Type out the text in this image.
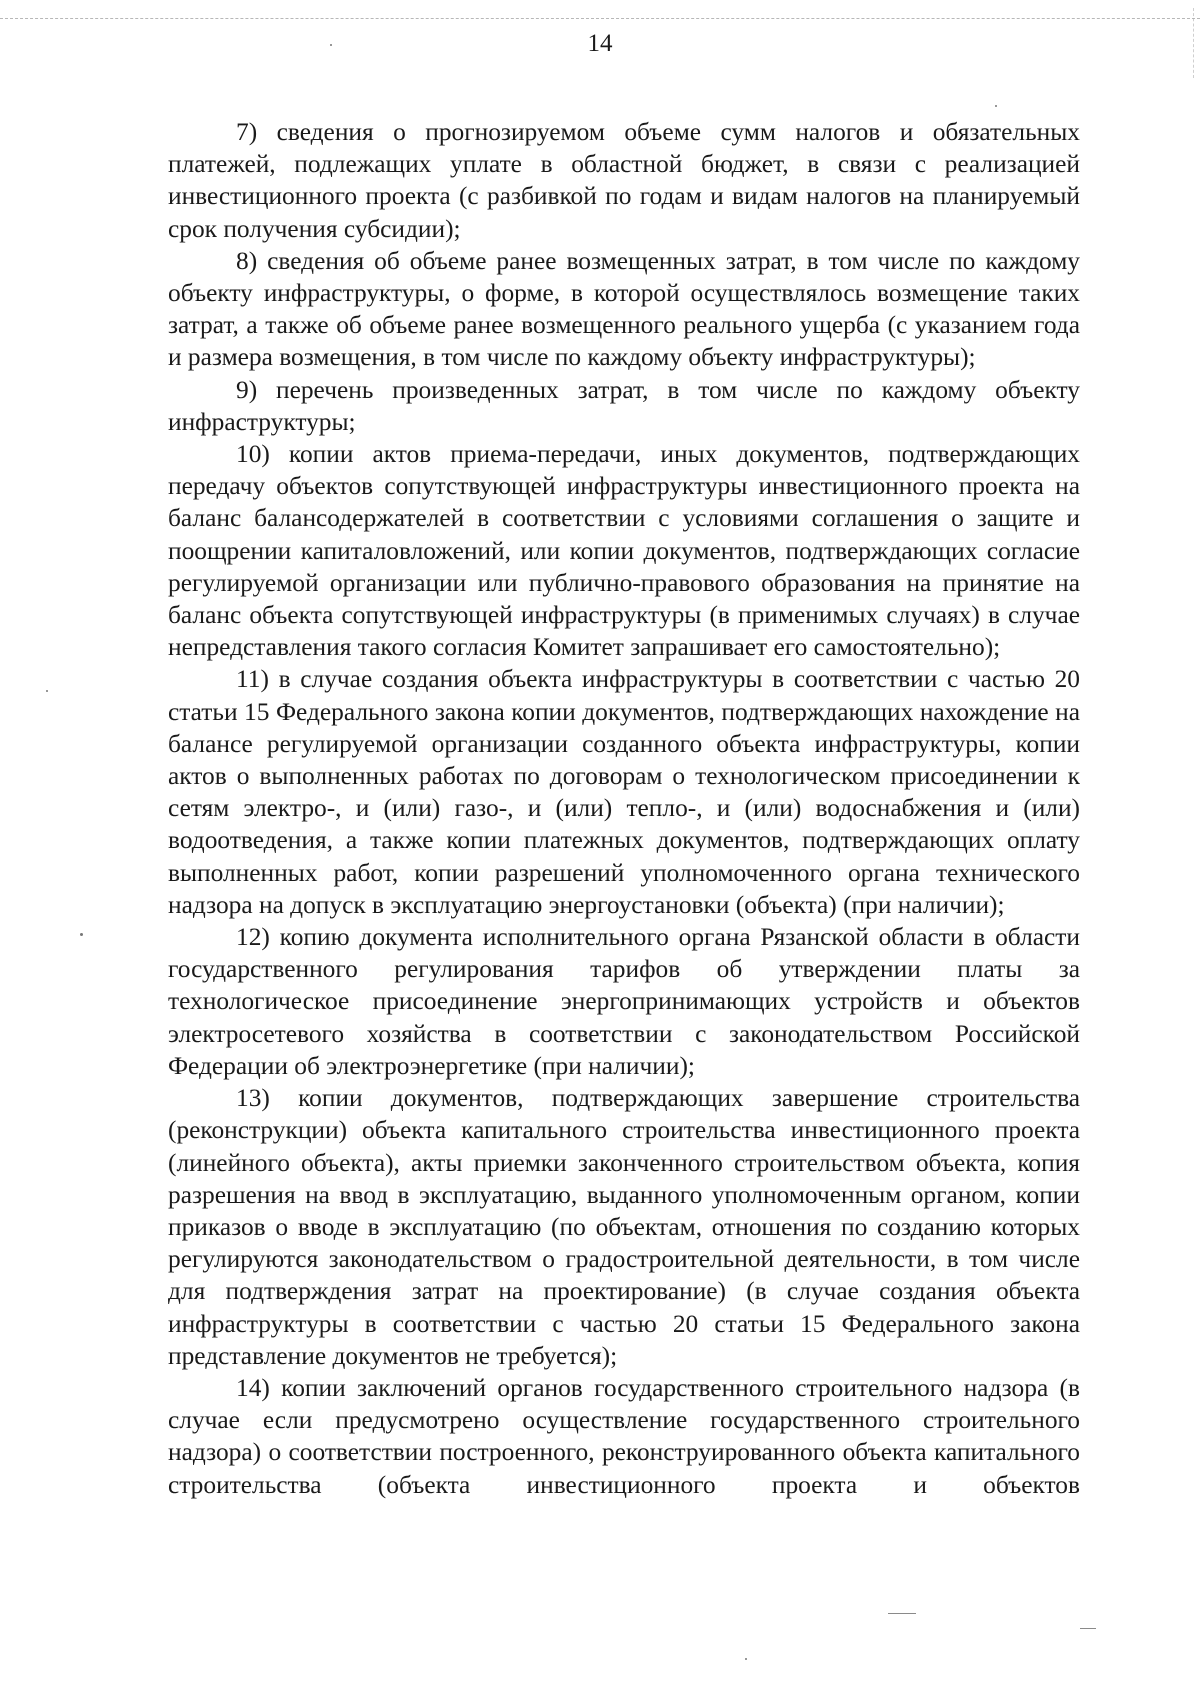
14

7) сведения о прогнозируемом объеме сумм налогов и обязательных платежей, подлежащих уплате в областной бюджет, в связи с реализацией инвестиционного проекта (с разбивкой по годам и видам налогов на планируемый срок получения субсидии);

8) сведения об объеме ранее возмещенных затрат, в том числе по каждому объекту инфраструктуры, о форме, в которой осуществлялось возмещение таких затрат, а также об объеме ранее возмещенного реального ущерба (с указанием года и размера возмещения, в том числе по каждому объекту инфраструктуры);

9) перечень произведенных затрат, в том числе по каждому объекту инфраструктуры;

10) копии актов приема-передачи, иных документов, подтверждающих передачу объектов сопутствующей инфраструктуры инвестиционного проекта на баланс балансодержателей в соответствии с условиями соглашения о защите и поощрении капиталовложений, или копии документов, подтверждающих согласие регулируемой организации или публично-правового образования на принятие на баланс объекта сопутствующей инфраструктуры (в применимых случаях) в случае непредставления такого согласия Комитет запрашивает его самостоятельно);

11) в случае создания объекта инфраструктуры в соответствии с частью 20 статьи 15 Федерального закона копии документов, подтверждающих нахождение на балансе регулируемой организации созданного объекта инфраструктуры, копии актов о выполненных работах по договорам о технологическом присоединении к сетям электро-, и (или) газо-, и (или) тепло-, и (или) водоснабжения и (или) водоотведения, а также копии платежных документов, подтверждающих оплату выполненных работ, копии разрешений уполномоченного органа технического надзора на допуск в эксплуатацию энергоустановки (объекта) (при наличии);

12) копию документа исполнительного органа Рязанской области в области государственного регулирования тарифов об утверждении платы за технологическое присоединение энергопринимающих устройств и объектов электросетевого хозяйства в соответствии с законодательством Российской Федерации об электроэнергетике (при наличии);

13) копии документов, подтверждающих завершение строительства (реконструкции) объекта капитального строительства инвестиционного проекта (линейного объекта), акты приемки законченного строительством объекта, копия разрешения на ввод в эксплуатацию, выданного уполномоченным органом, копии приказов о вводе в эксплуатацию (по объектам, отношения по созданию которых регулируются законодательством о градостроительной деятельности, в том числе для подтверждения затрат на проектирование) (в случае создания объекта инфраструктуры в соответствии с частью 20 статьи 15 Федерального закона представление документов не требуется);

14) копии заключений органов государственного строительного надзора (в случае если предусмотрено осуществление государственного строительного надзора) о соответствии построенного, реконструированного объекта капитального строительства (объекта инвестиционного проекта и объектов
